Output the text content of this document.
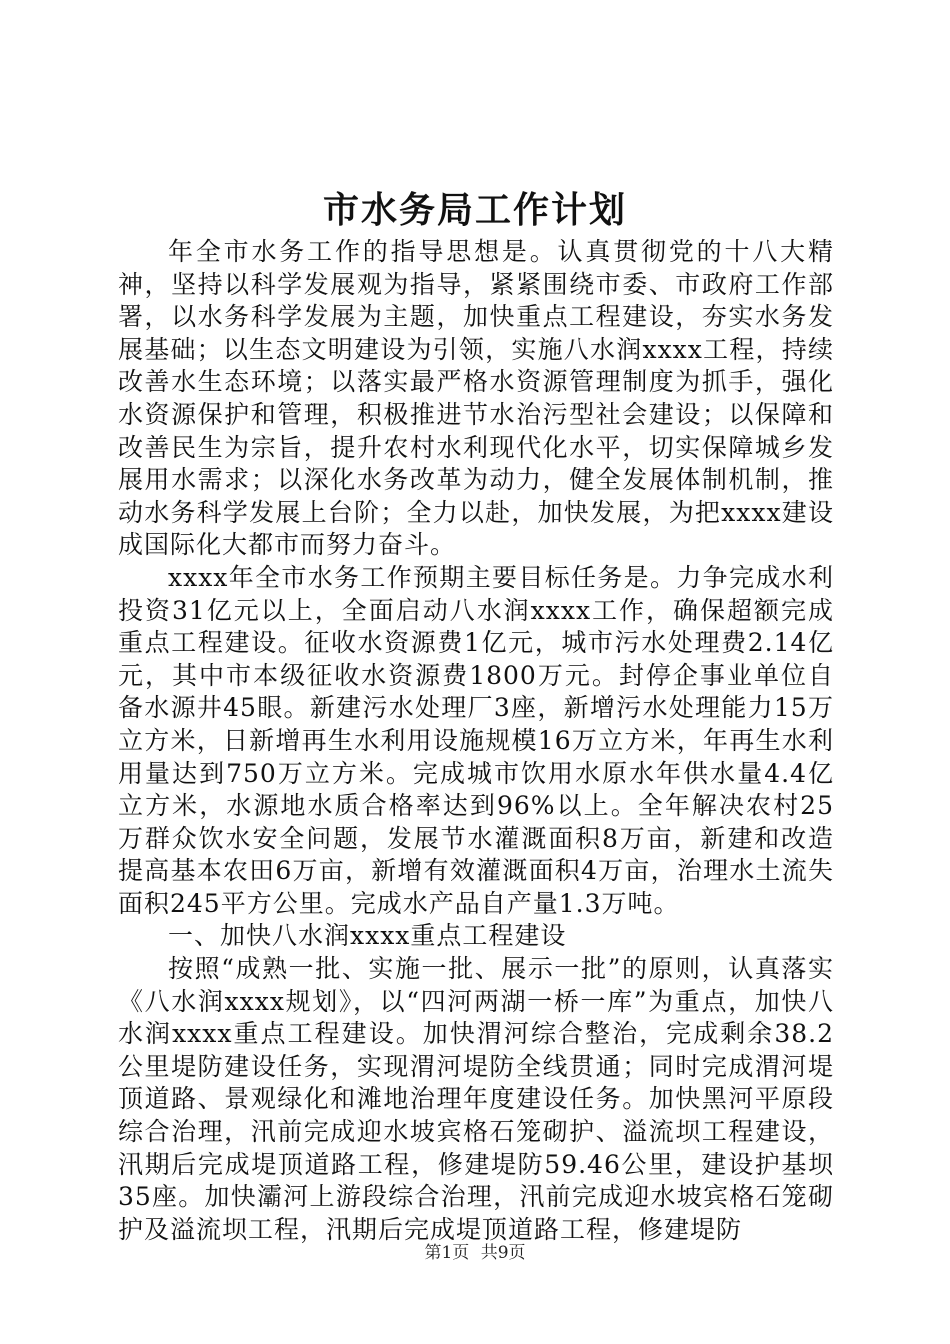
市水务局工作计划

年全市水务工作的指导思想是。认真贯彻党的十八大精神，坚持以科学发展观为指导，紧紧围绕市委、市政府工作部署，以水务科学发展为主题，加快重点工程建设，夯实水务发展基础；以生态文明建设为引领，实施八水润xxxx工程，持续改善水生态环境；以落实最严格水资源管理制度为抓手，强化水资源保护和管理，积极推进节水治污型社会建设；以保障和改善民生为宗旨，提升农村水利现代化水平，切实保障城乡发展用水需求；以深化水务改革为动力，健全发展体制机制，推动水务科学发展上台阶；全力以赴，加快发展，为把xxxx建设成国际化大都市而努力奋斗。

xxxx年全市水务工作预期主要目标任务是。力争完成水利投资31亿元以上，全面启动八水润xxxx工作，确保超额完成重点工程建设。征收水资源费1亿元，城市污水处理费2.14亿元，其中市本级征收水资源费1800万元。封停企事业单位自备水源井45眼。新建污水处理厂3座，新增污水处理能力15万立方米，日新增再生水利用设施规模16万立方米，年再生水利用量达到750万立方米。完成城市饮用水原水年供水量4.4亿立方米，水源地水质合格率达到96%以上。全年解决农村25万群众饮水安全问题，发展节水灌溉面积8万亩，新建和改造提高基本农田6万亩，新增有效灌溉面积4万亩，治理水土流失面积245平方公里。完成水产品自产量1.3万吨。

一、加快八水润xxxx重点工程建设

按照“成熟一批、实施一批、展示一批”的原则，认真落实《八水润xxxx规划》，以“四河两湖一桥一库”为重点，加快八水润xxxx重点工程建设。加快渭河综合整治，完成剩余38.2公里堤防建设任务，实现渭河堤防全线贯通；同时完成渭河堤顶道路、景观绿化和滩地治理年度建设任务。加快黑河平原段综合治理，汛前完成迎水坡宾格石笼砌护、溢流坝工程建设，汛期后完成堤顶道路工程，修建堤防59.46公里，建设护基坝35座。加快灞河上游段综合治理，汛前完成迎水坡宾格石笼砌护及溢流坝工程，汛期后完成堤顶道路工程，修建堤防

第1页 共9页
